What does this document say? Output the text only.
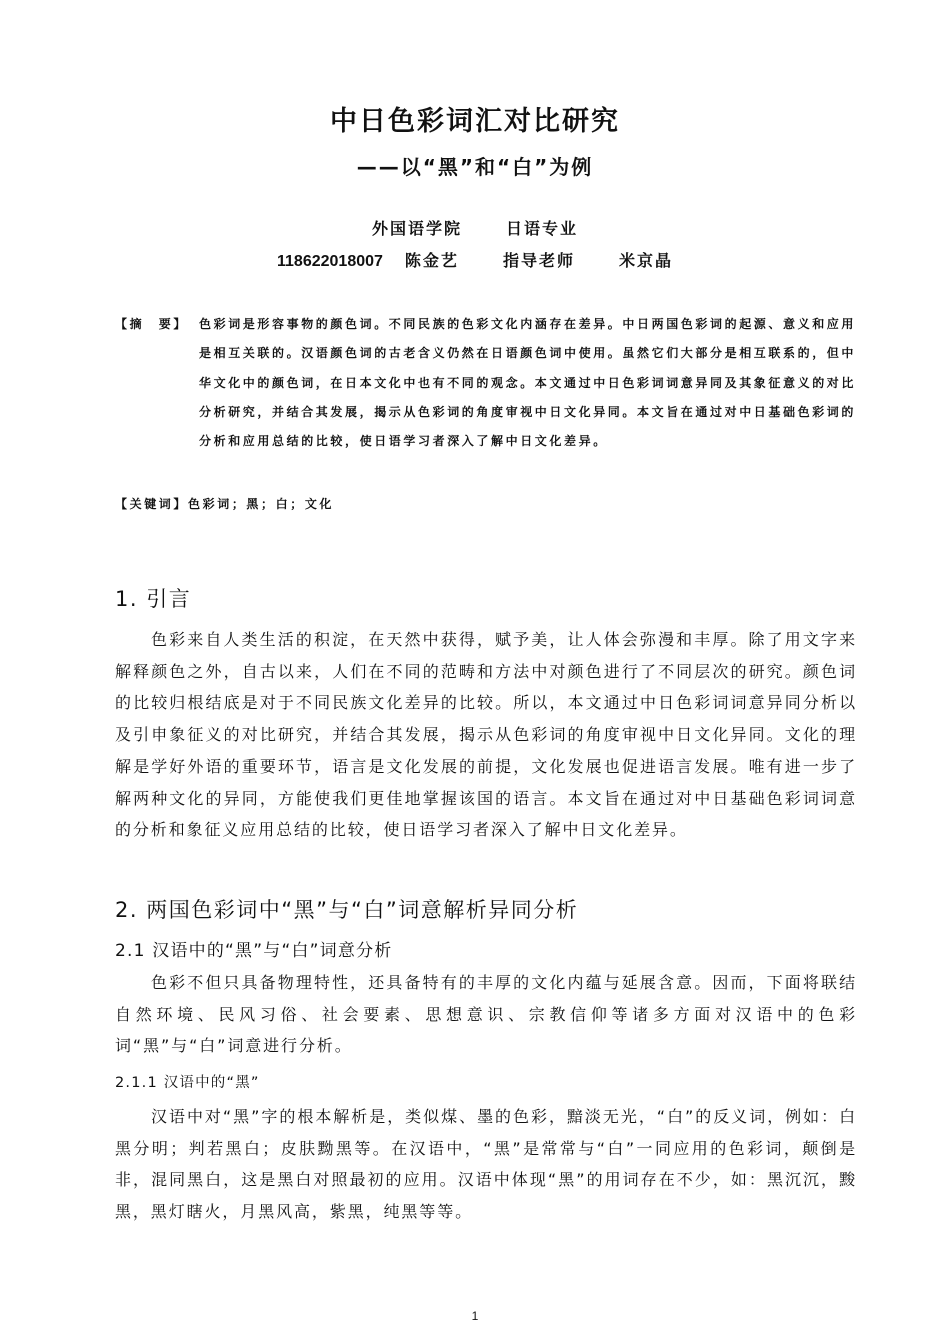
中日色彩词汇对比研究
——以“黑”和“白”为例
外国语学院	日语专业
118622018007 陈金艺	指导老师	米京晶
【摘　要】 色彩词是形容事物的颜色词。不同民族的色彩文化内涵存在差异。中日两国色彩词的起源、意义和应用是相互关联的。汉语颜色词的古老含义仍然在日语颜色词中使用。虽然它们大部分是相互联系的，但中华文化中的颜色词，在日本文化中也有不同的观念。本文通过中日色彩词词意异同及其象征意义的对比分析研究，并结合其发展，揭示从色彩词的角度审视中日文化异同。本文旨在通过对中日基础色彩词的分析和应用总结的比较，使日语学习者深入了解中日文化差异。
【关键词】色彩词；黑；白；文化
1. 引言
色彩来自人类生活的积淀，在天然中获得，赋予美，让人体会弥漫和丰厚。除了用文字来解释颜色之外，自古以来，人们在不同的范畴和方法中对颜色进行了不同层次的研究。颜色词的比较归根结底是对于不同民族文化差异的比较。所以，本文通过中日色彩词词意异同分析以及引申象征义的对比研究，并结合其发展，揭示从色彩词的角度审视中日文化异同。文化的理解是学好外语的重要环节，语言是文化发展的前提，文化发展也促进语言发展。唯有进一步了解两种文化的异同，方能使我们更佳地掌握该国的语言。本文旨在通过对中日基础色彩词词意的分析和象征义应用总结的比较，使日语学习者深入了解中日文化差异。
2. 两国色彩词中“黑”与“白”词意解析异同分析
2.1 汉语中的“黑”与“白”词意分析
色彩不但只具备物理特性，还具备特有的丰厚的文化内蕴与延展含意。因而，下面将联结自然环境、民风习俗、社会要素、思想意识、宗教信仰等诸多方面对汉语中的色彩词“黑”与“白”词意进行分析。
2.1.1 汉语中的“黑”
汉语中对“黑”字的根本解析是，类似煤、墨的色彩，黯淡无光，“白”的反义词，例如：白黑分明；判若黑白；皮肤黝黑等。在汉语中，“黑”是常常与“白”一同应用的色彩词，颠倒是非，混同黑白，这是黑白对照最初的应用。汉语中体现“黑”的用词存在不少，如：黑沉沉，黢黑，黑灯瞎火，月黑风高，紫黑，纯黑等等。
1
